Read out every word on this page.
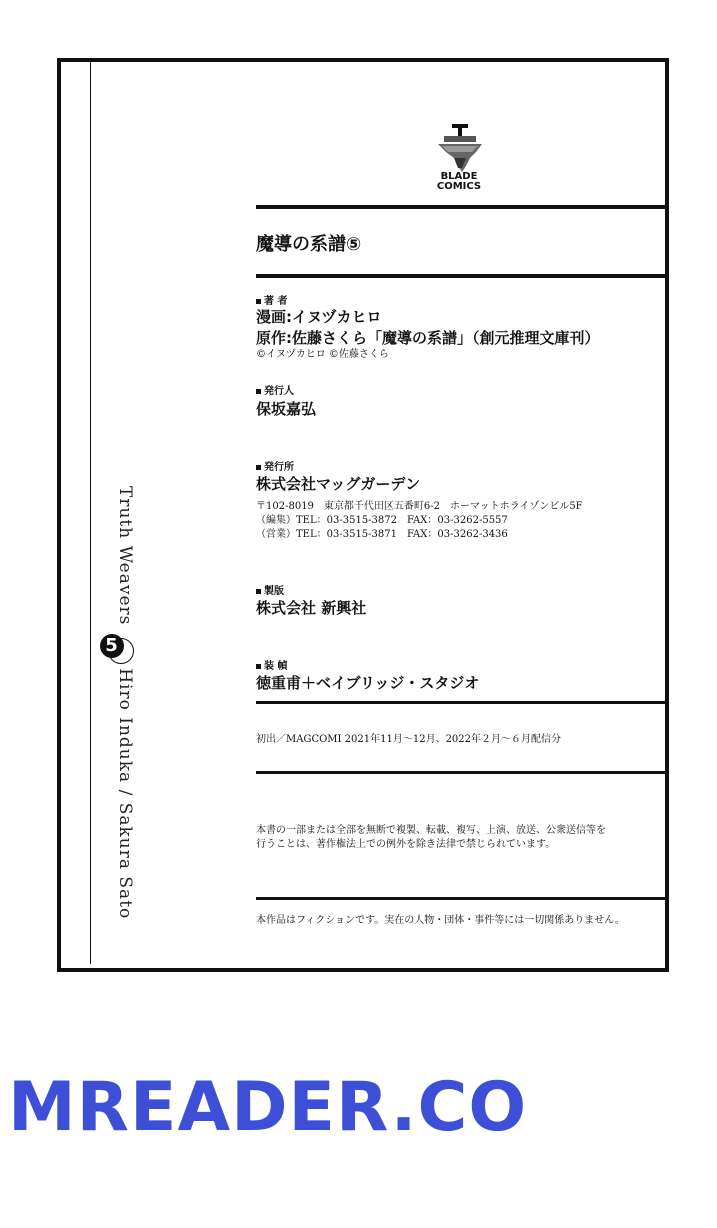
Truth Weavers
5
Hiro Induka / Sakura Sato
BLADE
COMICS
魔導の系譜⑤
著 者
漫画:イヌヅカヒロ
原作:佐藤さくら「魔導の系譜」（創元推理文庫刊）
©イヌヅカヒロ ©佐藤さくら
発行人
保坂嘉弘
発行所
株式会社マッグガーデン
〒102-8019　東京都千代田区五番町6-2　ホーマットホライゾンビル5F
（編集）TEL：03-3515-3872　FAX：03-3262-5557
（営業）TEL：03-3515-3871　FAX：03-3262-3436
製版
株式会社 新興社
装 幀
徳重甫＋ベイブリッジ・スタジオ
初出／MAGCOMI 2021年11月〜12月、2022年２月〜６月配信分
本書の一部または全部を無断で複製、転載、複写、上演、放送、公衆送信等を
行うことは、著作権法上での例外を除き法律で禁じられています。
本作品はフィクションです。実在の人物・団体・事件等には一切関係ありません。
MREADER.CO
